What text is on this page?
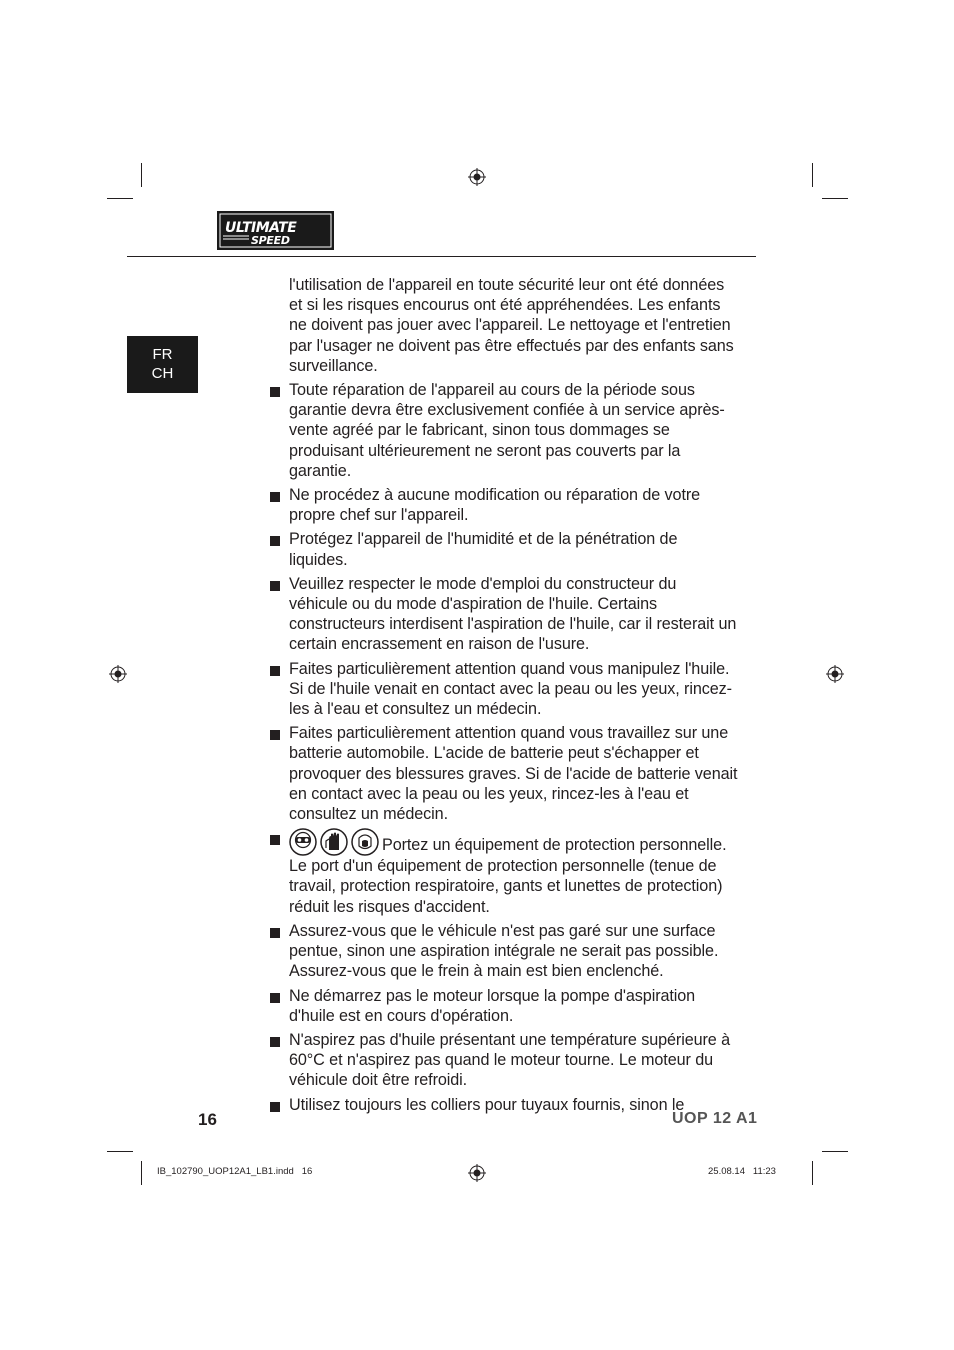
ULTIMATE
SPEED
FR
CH

l'utilisation de l'appareil en toute sécurité leur ont été données et si les risques encourus ont été appréhendées. Les enfants ne doivent pas jouer avec l'appareil. Le nettoyage et l'entretien par l'usager ne doivent pas être effectués par des enfants sans surveillance.

Toute réparation de l'appareil au cours de la période sous garantie devra être exclusivement confiée à un service après-vente agréé par le fabricant, sinon tous dommages se produisant ultérieurement ne seront pas couverts par la garantie.
Ne procédez à aucune modification ou réparation de votre propre chef sur l'appareil.
Protégez l'appareil de l'humidité et de la pénétration de liquides.
Veuillez respecter le mode d'emploi du constructeur du véhicule ou du mode d'aspiration de l'huile. Certains constructeurs interdisent l'aspiration de l'huile, car il resterait un certain encrassement en raison de l'usure.
Faites particulièrement attention quand vous manipulez l'huile. Si de l'huile venait en contact avec la peau ou les yeux, rincez-les à l'eau et consultez un médecin.
Faites particulièrement attention quand vous travaillez sur une batterie automobile. L'acide de batterie peut s'échapper et provoquer des blessures graves. Si de l'acide de batterie venait en contact avec la peau ou les yeux, rincez-les à l'eau et consultez un médecin.
Portez un équipement de protection personnelle. Le port d'un équipement de protection personnelle (tenue de travail, protection respiratoire, gants et lunettes de protection) réduit les risques d'accident.
Assurez-vous que le véhicule n'est pas garé sur une surface pentue, sinon une aspiration intégrale ne serait pas possible. Assurez-vous que le frein à main est bien enclenché.
Ne démarrez pas le moteur lorsque la pompe d'aspiration d'huile est en cours d'opération.
N'aspirez pas d'huile présentant une température supérieure à 60°C et n'aspirez pas quand le moteur tourne. Le moteur du véhicule doit être refroidi.
Utilisez toujours les colliers pour tuyaux fournis, sinon le
16	UOP 12 A1
IB_102790_UOP12A1_LB1.indd   16	25.08.14   11:23
